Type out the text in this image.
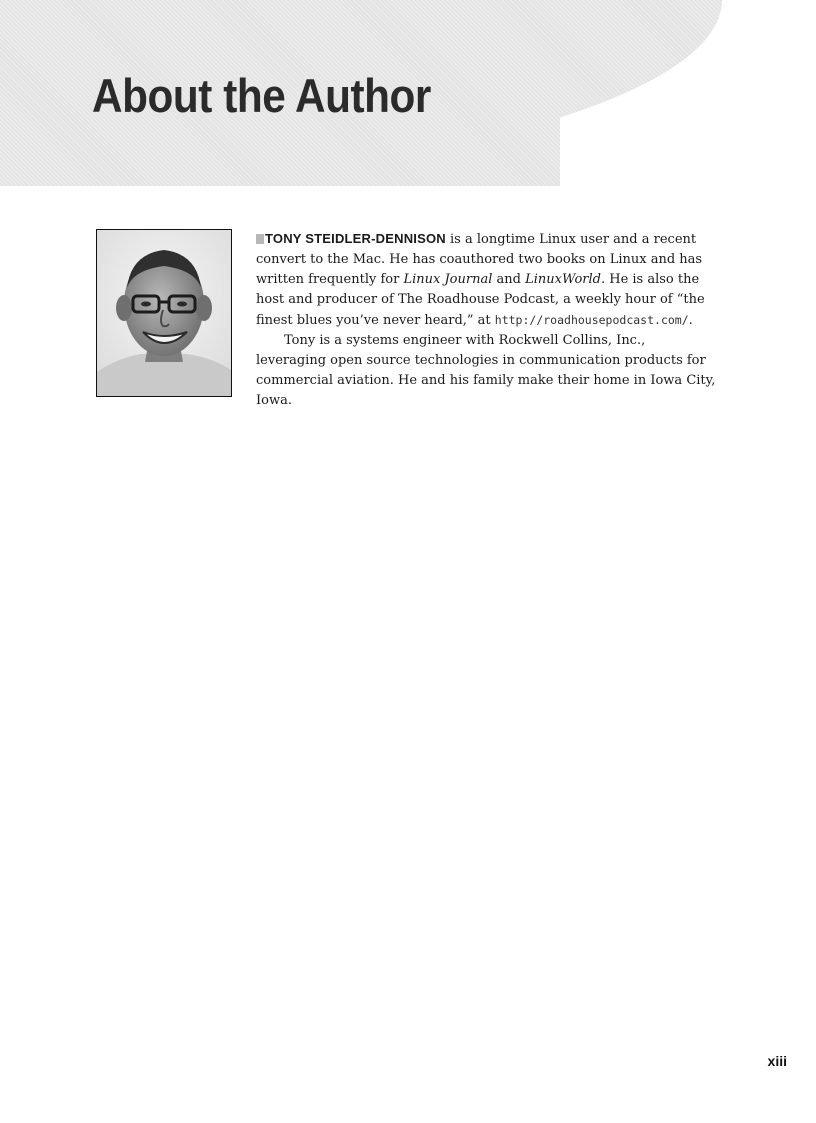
About the Author

TONY STEIDLER-DENNISON is a longtime Linux user and a recent convert to the Mac. He has coauthored two books on Linux and has written frequently for Linux Journal and LinuxWorld. He is also the host and producer of The Roadhouse Podcast, a weekly hour of “the finest blues you’ve never heard,” at http://roadhousepodcast.com/.

Tony is a systems engineer with Rockwell Collins, Inc., leveraging open source technologies in communication products for commercial aviation. He and his family make their home in Iowa City, Iowa.

xiii
